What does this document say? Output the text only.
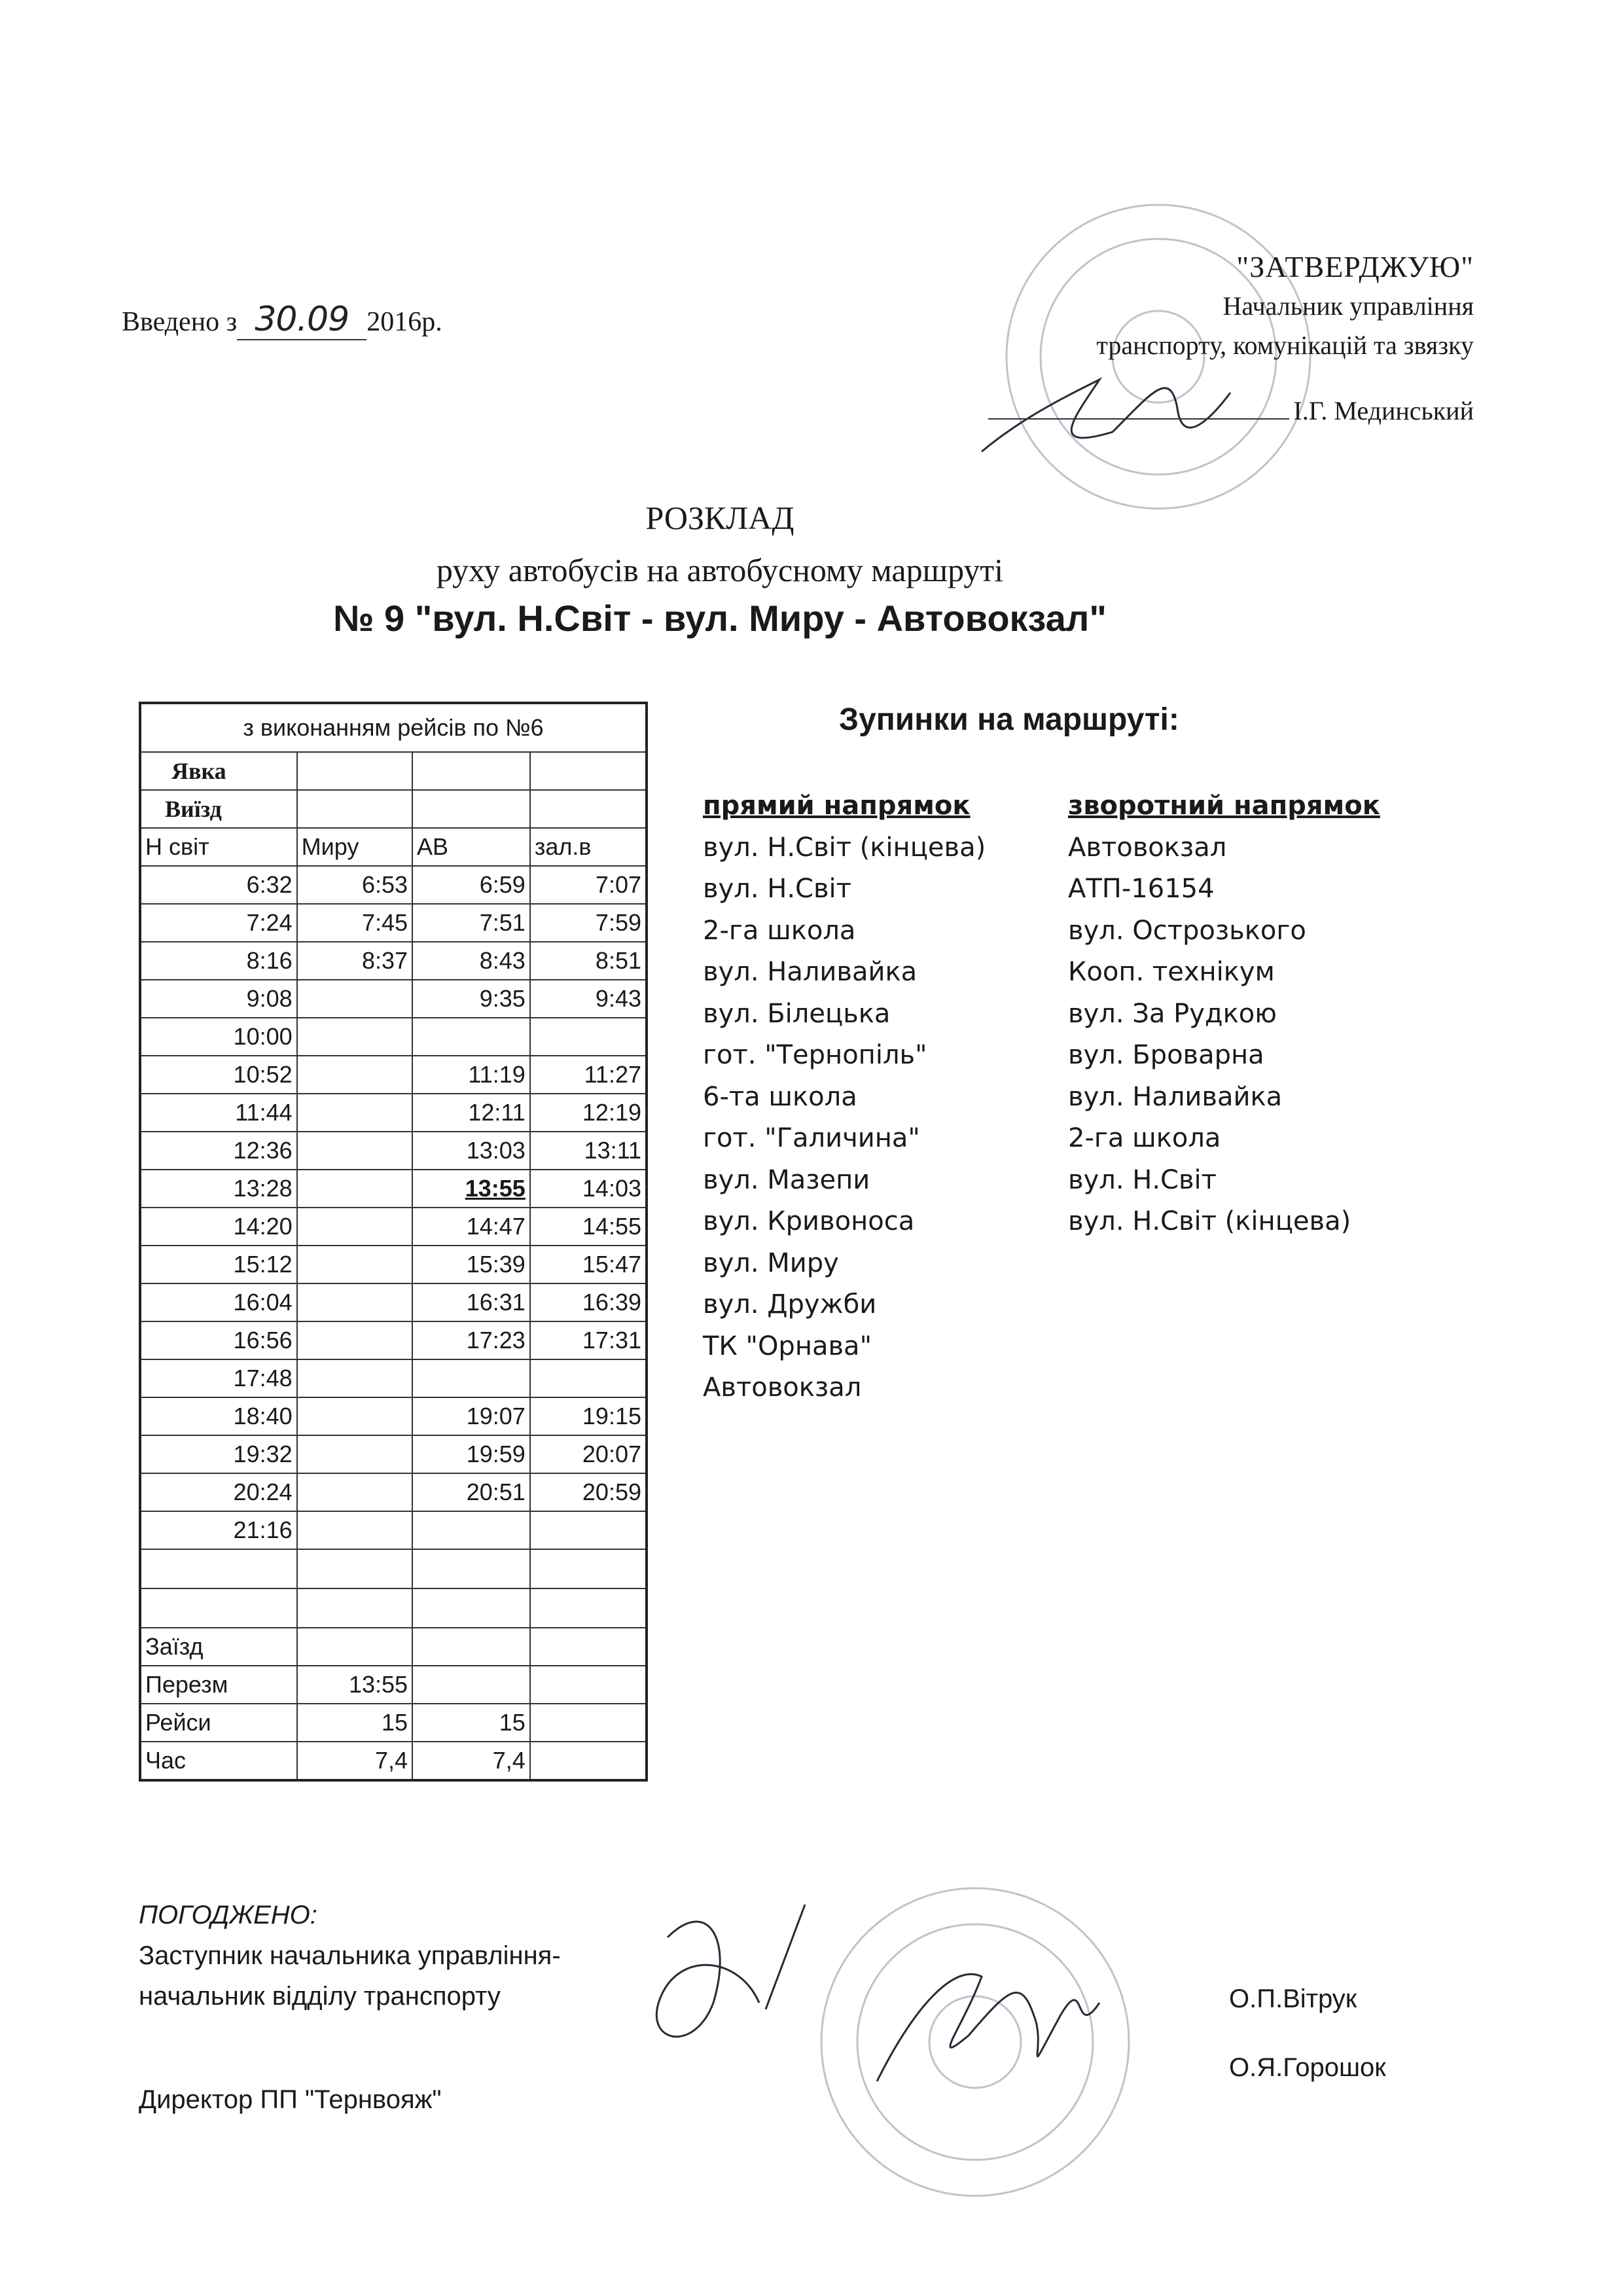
Введено з 30.09 2016р.
"ЗАТВЕРДЖУЮ"
Начальник управління
транспорту, комунікацій та звязку
І.Г. Мединський
РОЗКЛАД
руху автобусів на автобусному маршруті
№ 9 "вул. Н.Світ - вул. Миру - Автовокзал"
з виконанням рейсів по №6			
Явка			
Виїзд			
Н світ	Миру	АВ	зал.в
6:32	6:53	6:59	7:07
7:24	7:45	7:51	7:59
8:16	8:37	8:43	8:51
9:08		9:35	9:43
10:00			
10:52		11:19	11:27
11:44		12:11	12:19
12:36		13:03	13:11
13:28		13:55	14:03
14:20		14:47	14:55
15:12		15:39	15:47
16:04		16:31	16:39
16:56		17:23	17:31
17:48			
18:40		19:07	19:15
19:32		19:59	20:07
20:24		20:51	20:59
21:16			

Заїзд			
Перезм	13:55		
Рейси	15	15	
Час	7,4	7,4	
Зупинки на маршруті:
прямий напрямок
вул. Н.Світ (кінцева)
вул. Н.Світ
2-га школа
вул. Наливайка
вул. Білецька
гот. "Тернопіль"
6-та школа
гот. "Галичина"
вул. Мазепи
вул. Кривоноса
вул. Миру
вул. Дружби
ТК "Орнава"
Автовокзал
зворотний напрямок
Автовокзал
АТП-16154
вул. Острозького
Кооп. технікум
вул. За Рудкою
вул. Броварна
вул. Наливайка
2-га школа
вул. Н.Світ
вул. Н.Світ (кінцева)
ПОГОДЖЕНО:
Заступник начальника управління-
начальник відділу транспорту
Директор ПП "Тернвояж"
О.П.Вітрук
О.Я.Горошок
